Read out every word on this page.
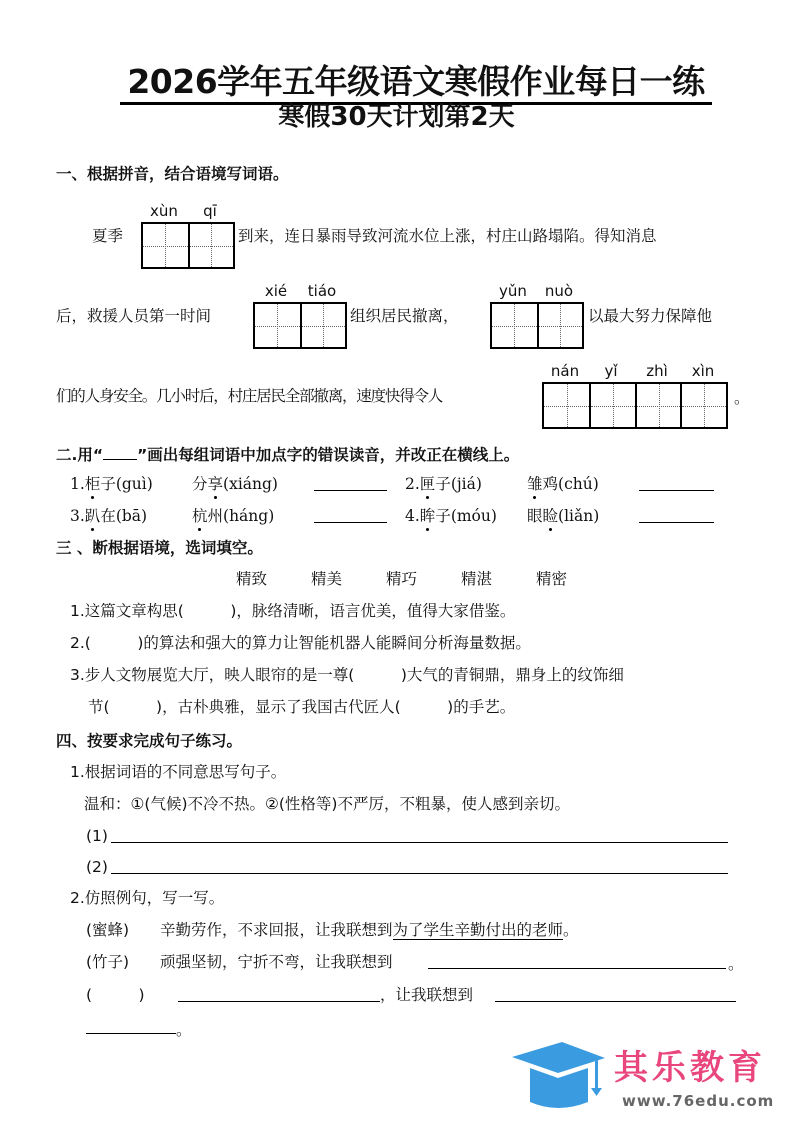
2026学年五年级语文寒假作业每日一练
寒假30天计划第2天
一、根据拼音，结合语境写词语。
xùn	qī
夏季	到来，连日暴雨导致河流水位上涨，村庄山路塌陷。得知消息
xié	tiáo	yǔn	nuò
后，救援人员第一时间	组织居民撤离，	以最大努力保障他
nán	yǐ	zhì	xìn
们的人身安全。几小时后，村庄居民全部撤离，速度快得令人	。
二.用“ ”画出每组词语中加点字的错误读音，并改正在横线上。
1.柜子(guì)	分享(xiáng)	2.匣子(jiá)	雏鸡(chú)
3.趴在(bā)	杭州(háng)	4.眸子(móu) 眼睑(liǎn)
三 、断根据语境，选词填空。
精致	精美	精巧	精湛	精密
1.这篇文章构思(　　　)，脉络清晰，语言优美，值得大家借鉴。
2.(　　　)的算法和强大的算力让智能机器人能瞬间分析海量数据。
3.步人文物展览大厅，映人眼帘的是一尊(　　　)大气的青铜鼎，鼎身上的纹饰细
节(　　　)，古朴典雅，显示了我国古代匠人(　　　)的手艺。
四、按要求完成句子练习。
1.根据词语的不同意思写句子。
温和：①(气候)不冷不热。②(性格等)不严厉，不粗暴，使人感到亲切。
(1)
(2)
2.仿照例句，写一写。
(蜜蜂) 辛勤劳作，不求回报，让我联想到为了学生辛勤付出的老师。
(竹子) 顽强坚韧，宁折不弯，让我联想到	。
(　　　)	，让我联想到
。
其乐教育
www.76edu.com
